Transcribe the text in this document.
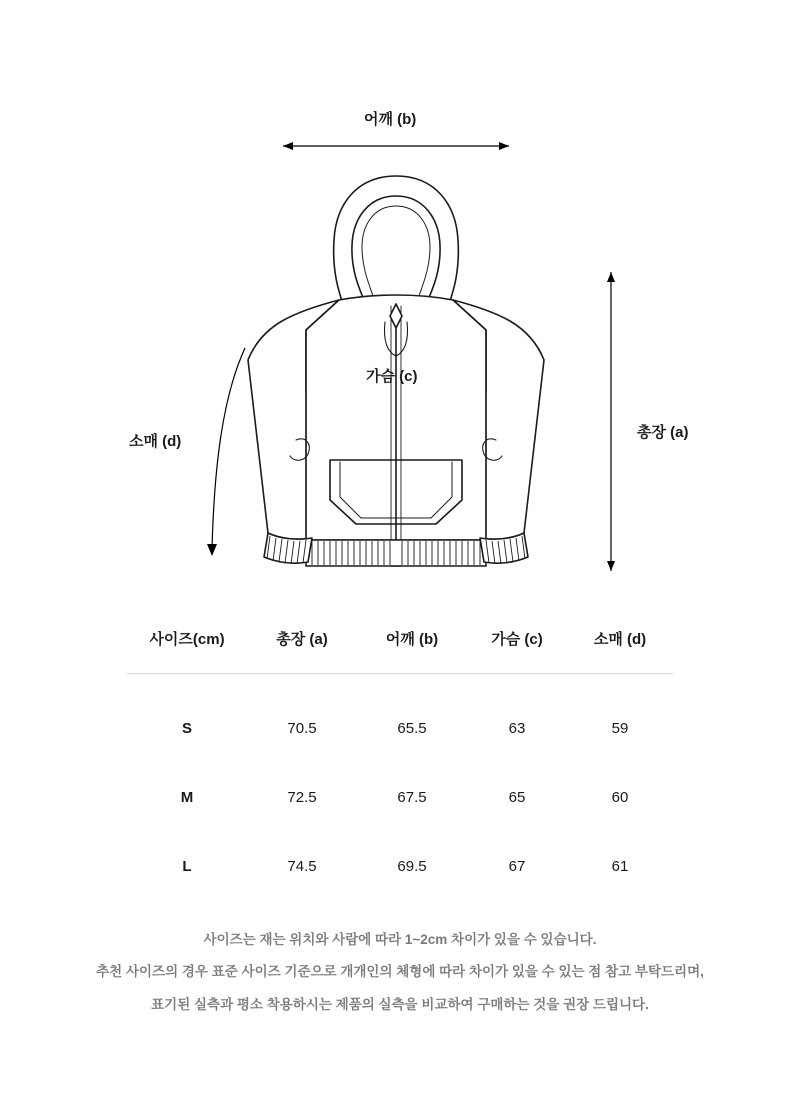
어깨 (b)
가슴 (c)
소매 (d)
총장 (a)
사이즈(cm)	총장 (a)	어깨 (b)	가슴 (c)	소매 (d)
S	70.5	65.5	63	59
M	72.5	67.5	65	60
L	74.5	69.5	67	61

사이즈는 재는 위치와 사람에 따라 1~2cm 차이가 있을 수 있습니다.

추천 사이즈의 경우 표준 사이즈 기준으로 개개인의 체형에 따라 차이가 있을 수 있는 점 참고 부탁드리며,

표기된 실측과 평소 착용하시는 제품의 실측을 비교하여 구매하는 것을 권장 드립니다.
